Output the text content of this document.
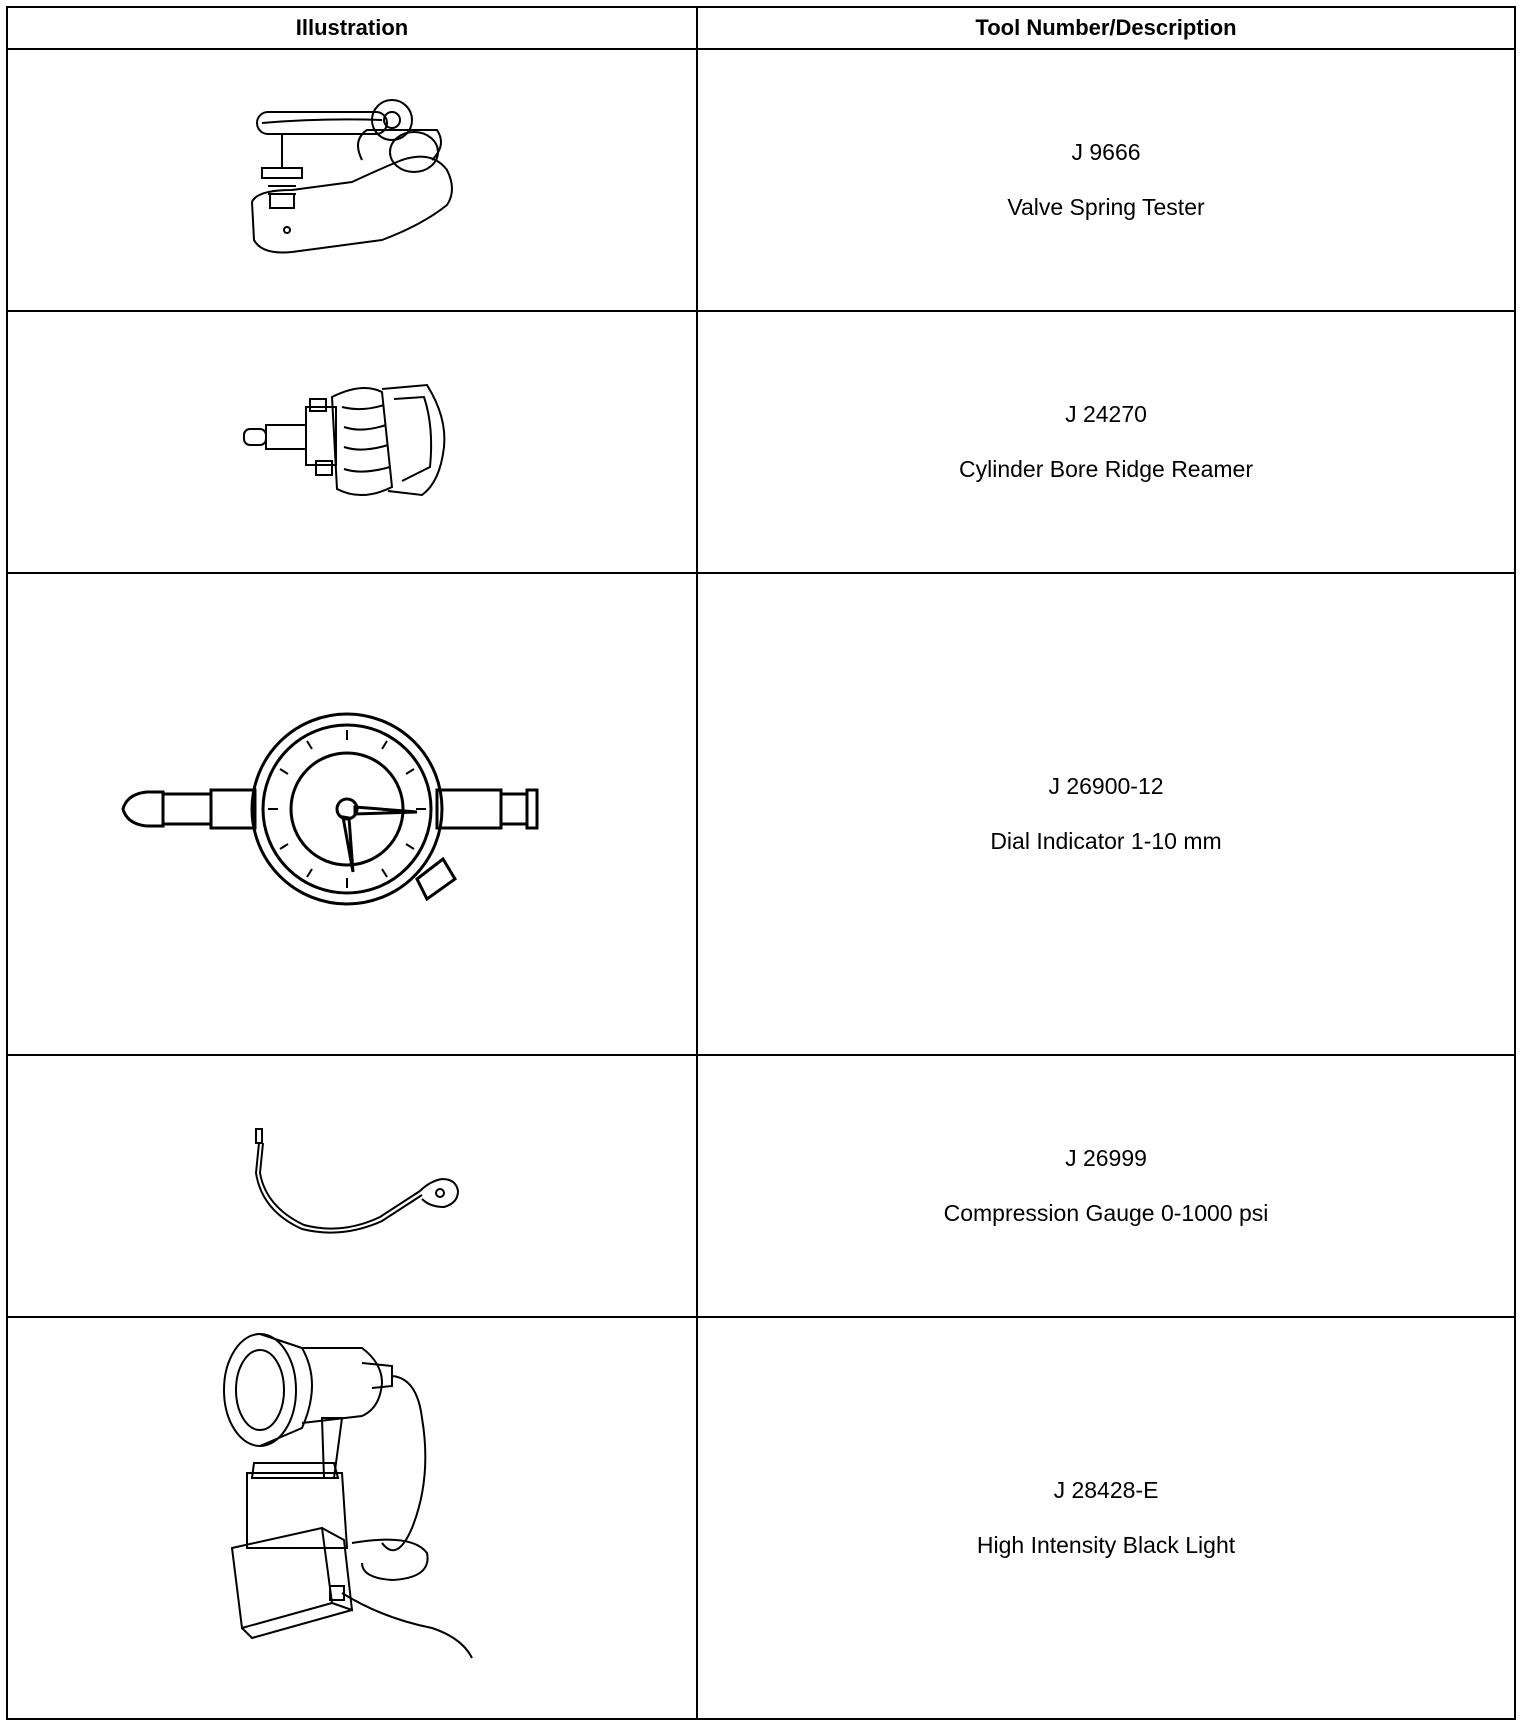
Illustration	Tool Number/Description

J 9666
Valve Spring Tester

J 24270
Cylinder Bore Ridge Reamer

J 26900-12
Dial Indicator 1-10 mm

J 26999
Compression Gauge 0-1000 psi

J 28428-E
High Intensity Black Light
